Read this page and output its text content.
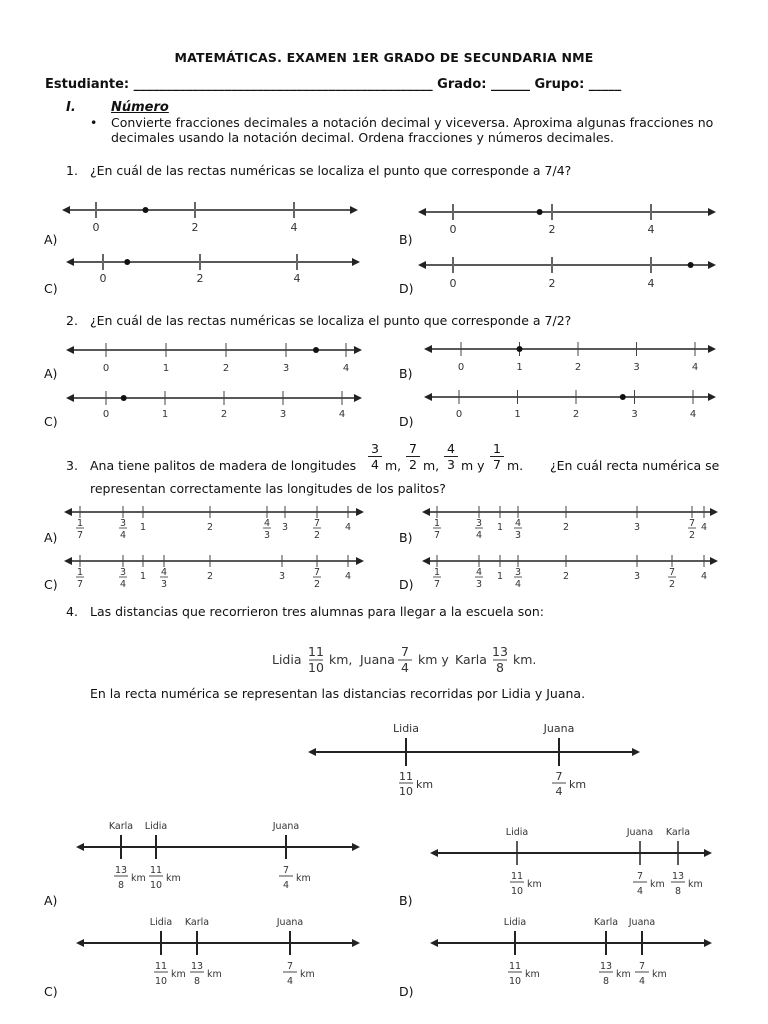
MATEMÁTICAS. EXAMEN 1ER GRADO DE SECUNDARIA NME
Estudiante: ______________________________________________ Grado: ______ Grupo: _____
I.	Número
• Convierte fracciones decimales a notación decimal y viceversa. Aproxima algunas fracciones no decimales usando la notación decimal. Ordena fracciones y números decimales.
1. ¿En cuál de las rectas numéricas se localiza el punto que corresponde a 7/4?
A)	B)
C)	D)
0	2	4	0	2	4
0	2	4	0	2	4
0	1	2	3	4	0	1	2	3	4
0	1	2	3	4	0	1	2	3	4
1
7
3
4
1	2	4
3
3	7
2
4	1
7
3
4
1 4
3
2	3	7
2
4
1
7
3
4
1 4
3
2	3	7
2
4	1
7
4
3
1 3
4
2	3	7
2
4
Lidia
11
10
km, Juana
7
4
km y Karla
13
8
km.
Lidia
11
10
km
Juana
7
4
km
Karla
13
8
km
Lidia
11
10
km
Juana
7
4
km
Lidia
11
10
km
Juana
7
4
km
Karla
13
8
km
Lidia
11
10
km
Karla
13
8
km
Juana
7
4
km
Lidia
11
10
km
Karla
13
8
km
Juana
7
4
km
2. ¿En cuál de las rectas numéricas se localiza el punto que corresponde a 7/2?
A)	B)
C)	D)
3. Ana tiene palitos de madera de longitudes $\frac{3}{4} m$, $\frac{7}{2} m$, $\frac{4}{3}$ m y $\frac{1}{7} m$. ¿En cuál recta numérica se
representan correctamente las longitudes de los palitos?
A)	B)
C)	D)
4. Las distancias que recorrieron tres alumnas para llegar a la escuela son:
En la recta numérica se representan las distancias recorridas por Lidia y Juana.
A)	B)
C)	D)
